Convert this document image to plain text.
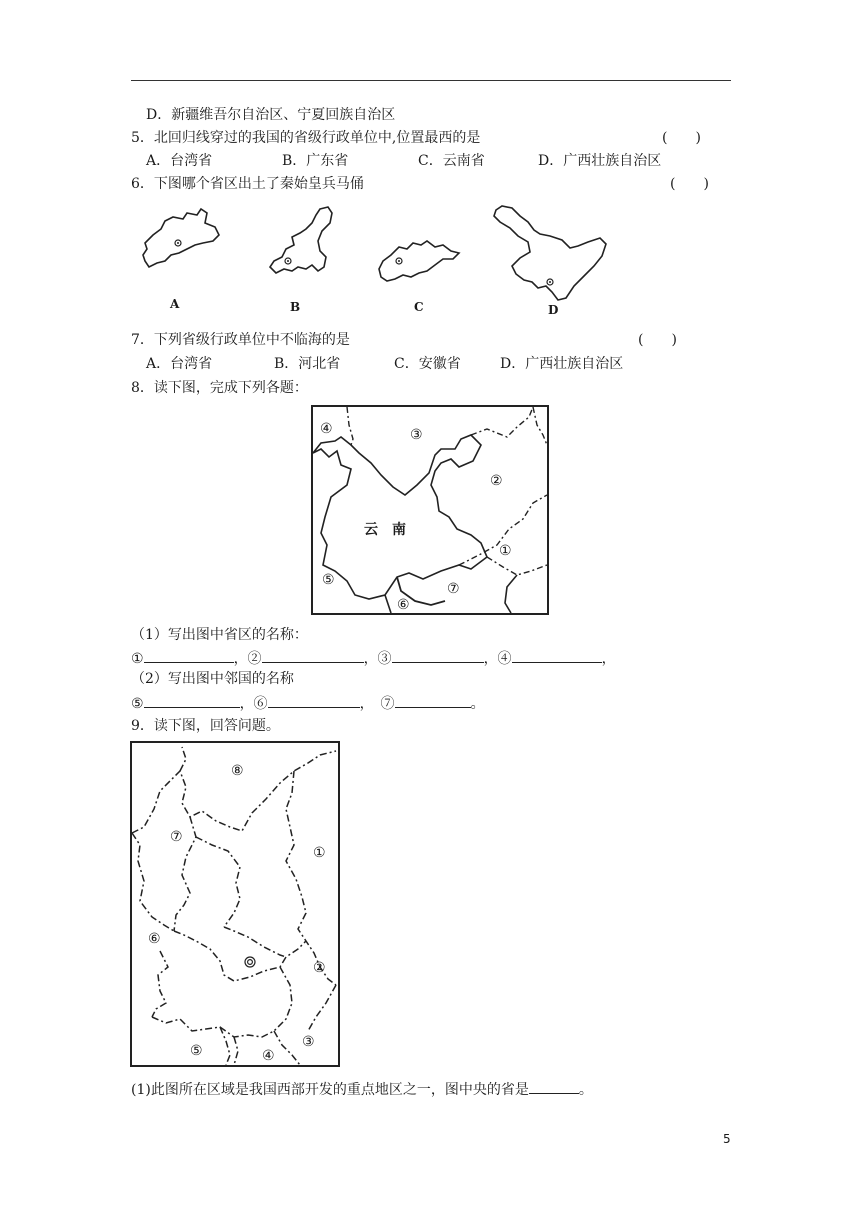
D．新疆维吾尔自治区、宁夏回族自治区
5．北回归线穿过的我国的省级行政单位中,位置最西的是	(　　)
A．台湾省	B．广东省	C．云南省	D．广西壮族自治区
6．下图哪个省区出土了秦始皇兵马俑	(　　)
A	B	C	D
7．下列省级行政单位中不临海的是	(　　)
A．台湾省	B．河北省	C．安徽省	D．广西壮族自治区
8．读下图，完成下列各题：
④	③
②
云　南
①
⑤
⑦
⑥
（1）写出图中省区的名称：
①	，②	，③	，④	，
（2）写出图中邻国的名称
⑤	，⑥	，　⑦	。
9．读下图，回答问题。
⑧
⑦
①
⑥
②
③
⑤	④
(1)此图所在区域是我国西部开发的重点地区之一，图中央的省是	。
5
